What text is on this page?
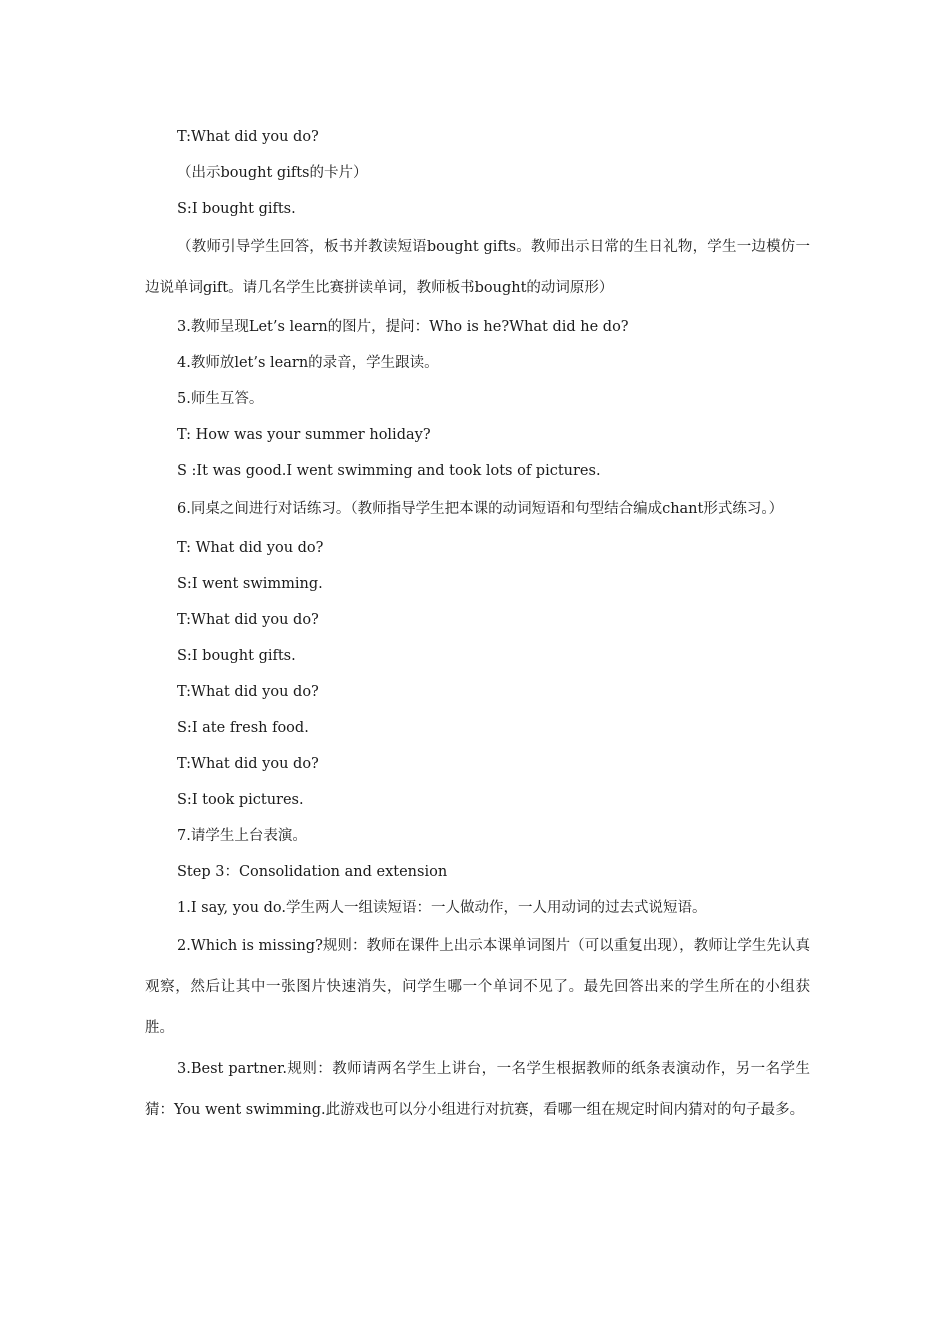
T:What did you do?

（出示bought gifts的卡片）

S:I bought gifts.

（教师引导学生回答，板书并教读短语bought gifts。教师出示日常的生日礼物，学生一边模仿一边说单词gift。请几名学生比赛拼读单词，教师板书bought的动词原形）

3.教师呈现Let’s learn的图片，提问：Who is he?What did he do?

4.教师放let’s learn的录音，学生跟读。

5.师生互答。

T: How was your summer holiday?

S :It was good.I went swimming and took lots of pictures.

6.同桌之间进行对话练习。（教师指导学生把本课的动词短语和句型结合编成chant形式练习。）

T: What did you do?

S:I went swimming.

T:What did you do?

S:I bought gifts.

T:What did you do?

S:I ate fresh food.

T:What did you do?

S:I took pictures.

7.请学生上台表演。

Step 3：Consolidation and extension

1.I say, you do.学生两人一组读短语：一人做动作，一人用动词的过去式说短语。

2.Which is missing?规则：教师在课件上出示本课单词图片（可以重复出现），教师让学生先认真观察，然后让其中一张图片快速消失，问学生哪一个单词不见了。最先回答出来的学生所在的小组获胜。

3.Best partner.规则：教师请两名学生上讲台，一名学生根据教师的纸条表演动作，另一名学生猜：You went swimming.此游戏也可以分小组进行对抗赛，看哪一组在规定时间内猜对的句子最多。
